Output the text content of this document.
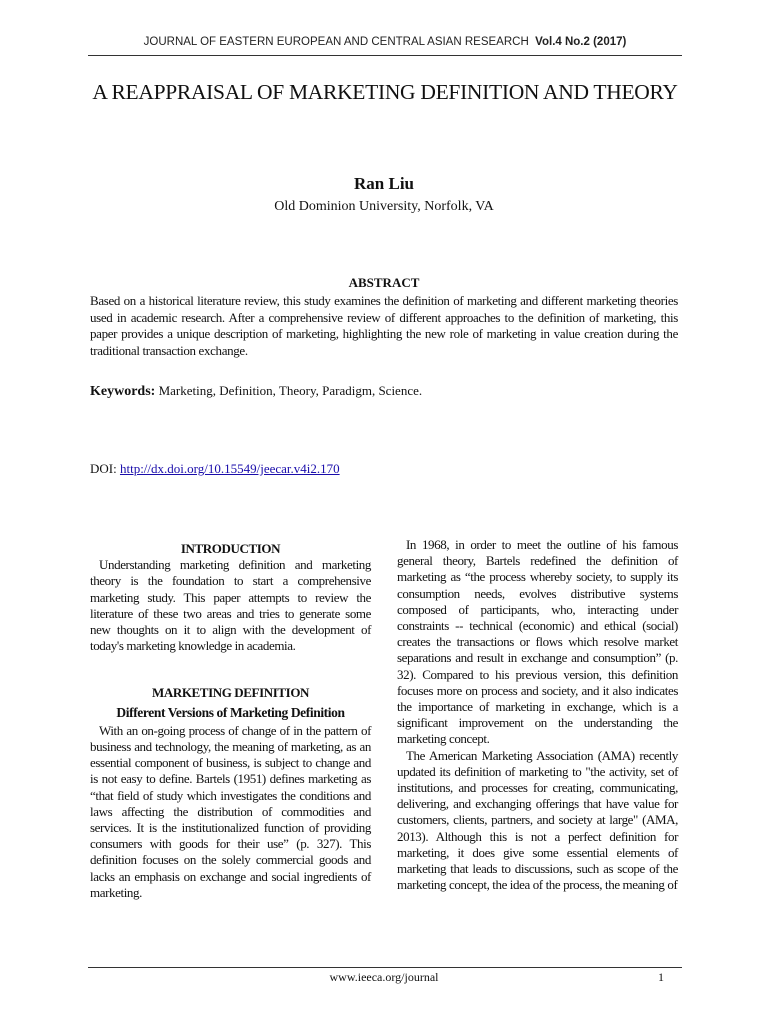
JOURNAL OF EASTERN EUROPEAN AND CENTRAL ASIAN RESEARCH Vol.4 No.2 (2017)
A REAPPRAISAL OF MARKETING DEFINITION AND THEORY
Ran Liu
Old Dominion University, Norfolk, VA
ABSTRACT
Based on a historical literature review, this study examines the definition of marketing and different marketing theories used in academic research. After a comprehensive review of different approaches to the definition of marketing, this paper provides a unique description of marketing, highlighting the new role of marketing in value creation during the traditional transaction exchange.
Keywords: Marketing, Definition, Theory, Paradigm, Science.
DOI: http://dx.doi.org/10.15549/jeecar.v4i2.170
INTRODUCTION

Understanding marketing definition and marketing theory is the foundation to start a comprehensive marketing study. This paper attempts to review the literature of these two areas and tries to generate some new thoughts on it to align with the development of today's marketing knowledge in academia.

MARKETING DEFINITION
Different Versions of Marketing Definition

With an on-going process of change of in the pattern of business and technology, the meaning of marketing, as an essential component of business, is subject to change and is not easy to define. Bartels (1951) defines marketing as “that field of study which investigates the conditions and laws affecting the distribution of commodities and services. It is the institutionalized function of providing consumers with goods for their use” (p. 327). This definition focuses on the solely commercial goods and lacks an emphasis on exchange and social ingredients of marketing.

In 1968, in order to meet the outline of his famous general theory, Bartels redefined the definition of marketing as “the process whereby society, to supply its consumption needs, evolves distributive systems composed of participants, who, interacting under constraints -- technical (economic) and ethical (social) creates the transactions or flows which resolve market separations and result in exchange and consumption” (p. 32). Compared to his previous version, this definition focuses more on process and society, and it also indicates the importance of marketing in exchange, which is a significant improvement on the understanding the marketing concept.

The American Marketing Association (AMA) recently updated its definition of marketing to "the activity, set of institutions, and processes for creating, communicating, delivering, and exchanging offerings that have value for customers, clients, partners, and society at large" (AMA, 2013). Although this is not a perfect definition for marketing, it does give some essential elements of marketing that leads to discussions, such as scope of the marketing concept, the idea of the process, the meaning of

www.ieeca.org/journal	1
